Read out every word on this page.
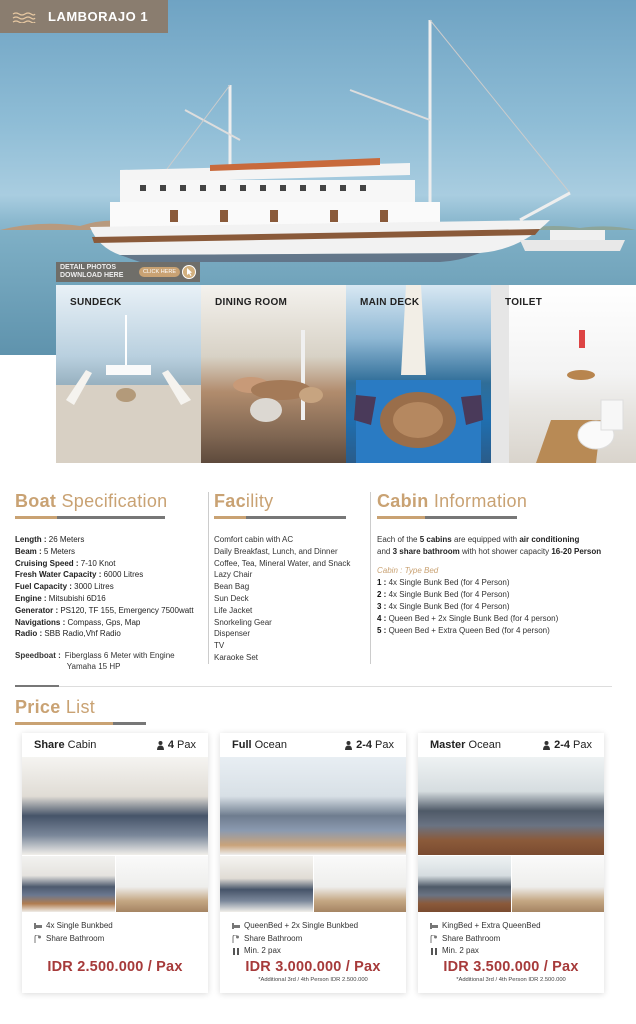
LAMBORAJO 1
DETAIL PHOTOS
DOWNLOAD HERE	CLICK HERE
SUNDECK	DINING ROOM	MAIN DECK	TOILET
Boat Specification
Length : 26 Meters
Beam : 5 Meters
Cruising Speed : 7-10 Knot
Fresh Water Capacity : 6000 Litres
Fuel Capacity : 3000 Litres
Engine : Mitsubishi 6D16
Generator : PS120, TF 155, Emergency 7500watt
Navigations : Compass, Gps, Map
Radio : SBB Radio,Vhf Radio
Speedboat : Fiberglass 6 Meter with Engine
Yamaha 15 HP
Facility
Comfort cabin with AC
Daily Breakfast, Lunch, and Dinner
Coffee, Tea, Mineral Water, and Snack
Lazy Chair
Bean Bag
Sun Deck
Life Jacket
Snorkeling Gear
Dispenser
TV
Karaoke Set
Cabin Information
Each of the 5 cabins are equipped with air conditioning
and 3 share bathroom with hot shower capacity 16-20 Person
Cabin : Type Bed
1 : 4x Single Bunk Bed (for 4 Person)
2 : 4x Single Bunk Bed (for 4 Person)
3 : 4x Single Bunk Bed (for 4 Person)
4 : Queen Bed + 2x Single Bunk Bed (for 4 person)
5 : Queen Bed + Extra Queen Bed (for 4 person)
Price List
Share Cabin	4 Pax
4x Single Bunkbed
Share Bathroom
IDR 2.500.000 / Pax
Full Ocean	2-4 Pax
QueenBed + 2x Single Bunkbed
Share Bathroom
Min. 2 pax
IDR 3.000.000 / Pax
*Additional 3rd / 4th Person IDR 2.500.000
Master Ocean	2-4 Pax
KingBed + Extra QueenBed
Share Bathroom
Min. 2 pax
IDR 3.500.000 / Pax
*Additional 3rd / 4th Person IDR 2.500.000
